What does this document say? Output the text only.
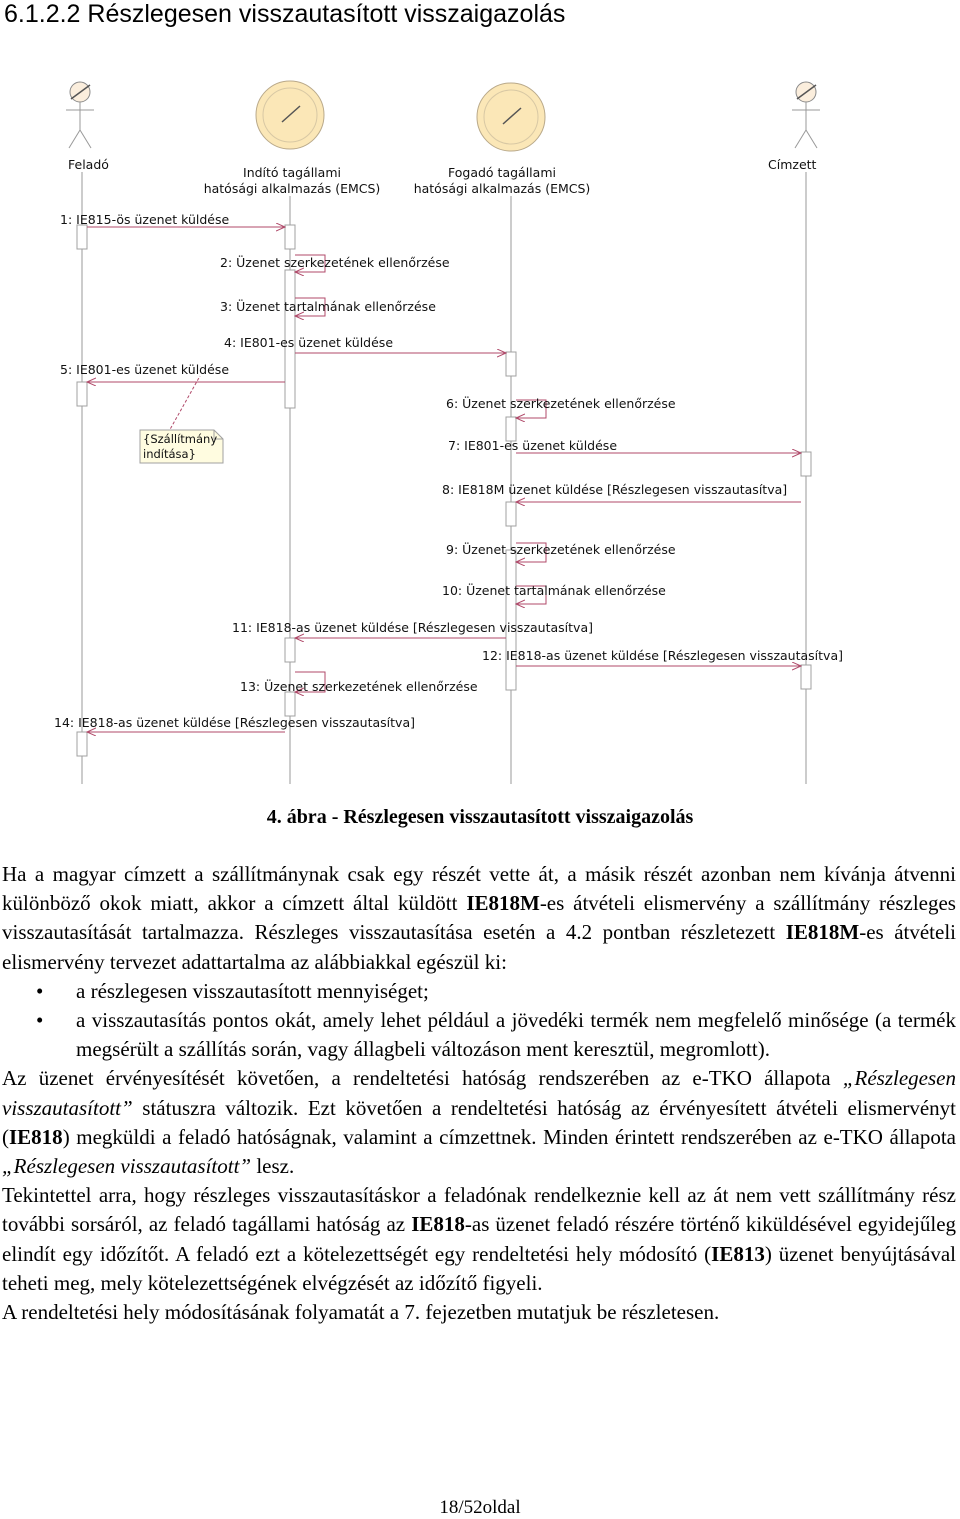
6.1.2.2 Részlegesen visszautasított visszaigazolás
Feladó
Indító tagállami
hatósági alkalmazás (EMCS)
Fogadó tagállami
hatósági alkalmazás (EMCS)
Címzett
1: IE815-ös üzenet küldése
2: Üzenet szerkezetének ellenőrzése
3: Üzenet tartalmának ellenőrzése
4: IE801-es üzenet küldése
5: IE801-es üzenet küldése
6: Üzenet szerkezetének ellenőrzése
7: IE801-es üzenet küldése
8: IE818M üzenet küldése [Részlegesen visszautasítva]
9: Üzenet szerkezetének ellenőrzése
10: Üzenet tartalmának ellenőrzése
11: IE818-as üzenet küldése [Részlegesen visszautasítva]
12: IE818-as üzenet küldése [Részlegesen visszautasítva]
13: Üzenet szerkezetének ellenőrzése
14: IE818-as üzenet küldése [Részlegesen visszautasítva]
{Szállítmány
indítása}
4. ábra - Részlegesen visszautasított visszaigazolás

Ha a magyar címzett a szállítmánynak csak egy részét vette át, a másik részét azonban nem kívánja átvenni különböző okok miatt, akkor a címzett által küldött IE818M-es átvételi elismervény a szállítmány részleges visszautasítását tartalmazza. Részleges visszautasítása esetén a 4.2 pontban részletezett IE818M-es átvételi elismervény tervezet adattartalma az alábbiakkal egészül ki:

• a részlegesen visszautasított mennyiséget;
• a visszautasítás pontos okát, amely lehet például a jövedéki termék nem megfelelő minősége (a termék megsérült a szállítás során, vagy állagbeli változáson ment keresztül, megromlott).

Az üzenet érvényesítését követően, a rendeltetési hatóság rendszerében az e-TKO állapota „Részlegesen visszautasított” státuszra változik. Ezt követően a rendeltetési hatóság az érvényesített átvételi elismervényt (IE818) megküldi a feladó hatóságnak, valamint a címzettnek. Minden érintett rendszerében az e-TKO állapota „Részlegesen visszautasított” lesz.

Tekintettel arra, hogy részleges visszautasításkor a feladónak rendelkeznie kell az át nem vett szállítmány rész további sorsáról, az feladó tagállami hatóság az IE818-as üzenet feladó részére történő kiküldésével egyidejűleg elindít egy időzítőt. A feladó ezt a kötelezettségét egy rendeltetési hely módosító (IE813) üzenet benyújtásával teheti meg, mely kötelezettségének elvégzését az időzítő figyeli.

A rendeltetési hely módosításának folyamatát a 7. fejezetben mutatjuk be részletesen.

18/52oldal
